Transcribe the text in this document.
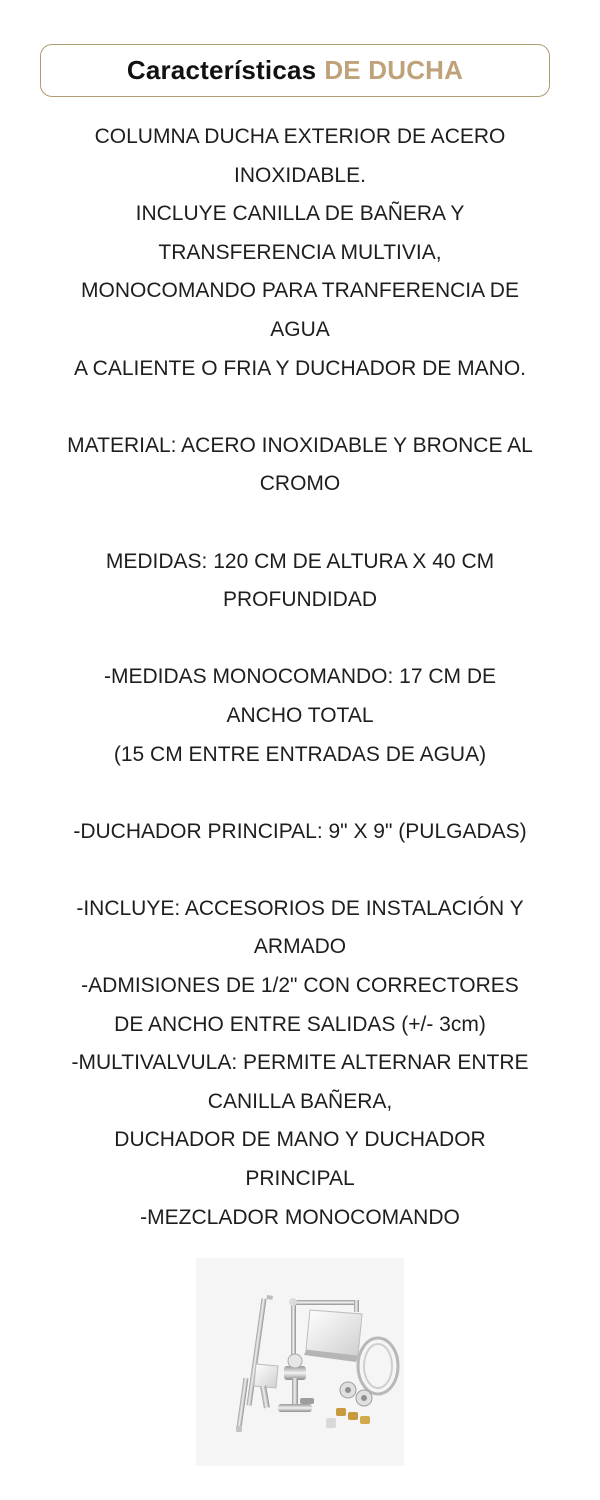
Características DE DUCHA

COLUMNA DUCHA EXTERIOR DE ACERO
INOXIDABLE.
INCLUYE CANILLA DE BAÑERA Y
TRANSFERENCIA MULTIVIA,
MONOCOMANDO PARA TRANFERENCIA DE
AGUA
A CALIENTE O FRIA Y DUCHADOR DE MANO.

MATERIAL: ACERO INOXIDABLE Y BRONCE AL
CROMO

MEDIDAS: 120 CM DE ALTURA X 40 CM
PROFUNDIDAD

-MEDIDAS MONOCOMANDO: 17 CM DE
ANCHO TOTAL
(15 CM ENTRE ENTRADAS DE AGUA)

-DUCHADOR PRINCIPAL: 9" X 9" (PULGADAS)

-INCLUYE: ACCESORIOS DE INSTALACIÓN Y
ARMADO
-ADMISIONES DE 1/2" CON CORRECTORES
DE ANCHO ENTRE SALIDAS (+/- 3cm)
-MULTIVALVULA: PERMITE ALTERNAR ENTRE
CANILLA BAÑERA,
DUCHADOR DE MANO Y DUCHADOR
PRINCIPAL
-MEZCLADOR MONOCOMANDO
